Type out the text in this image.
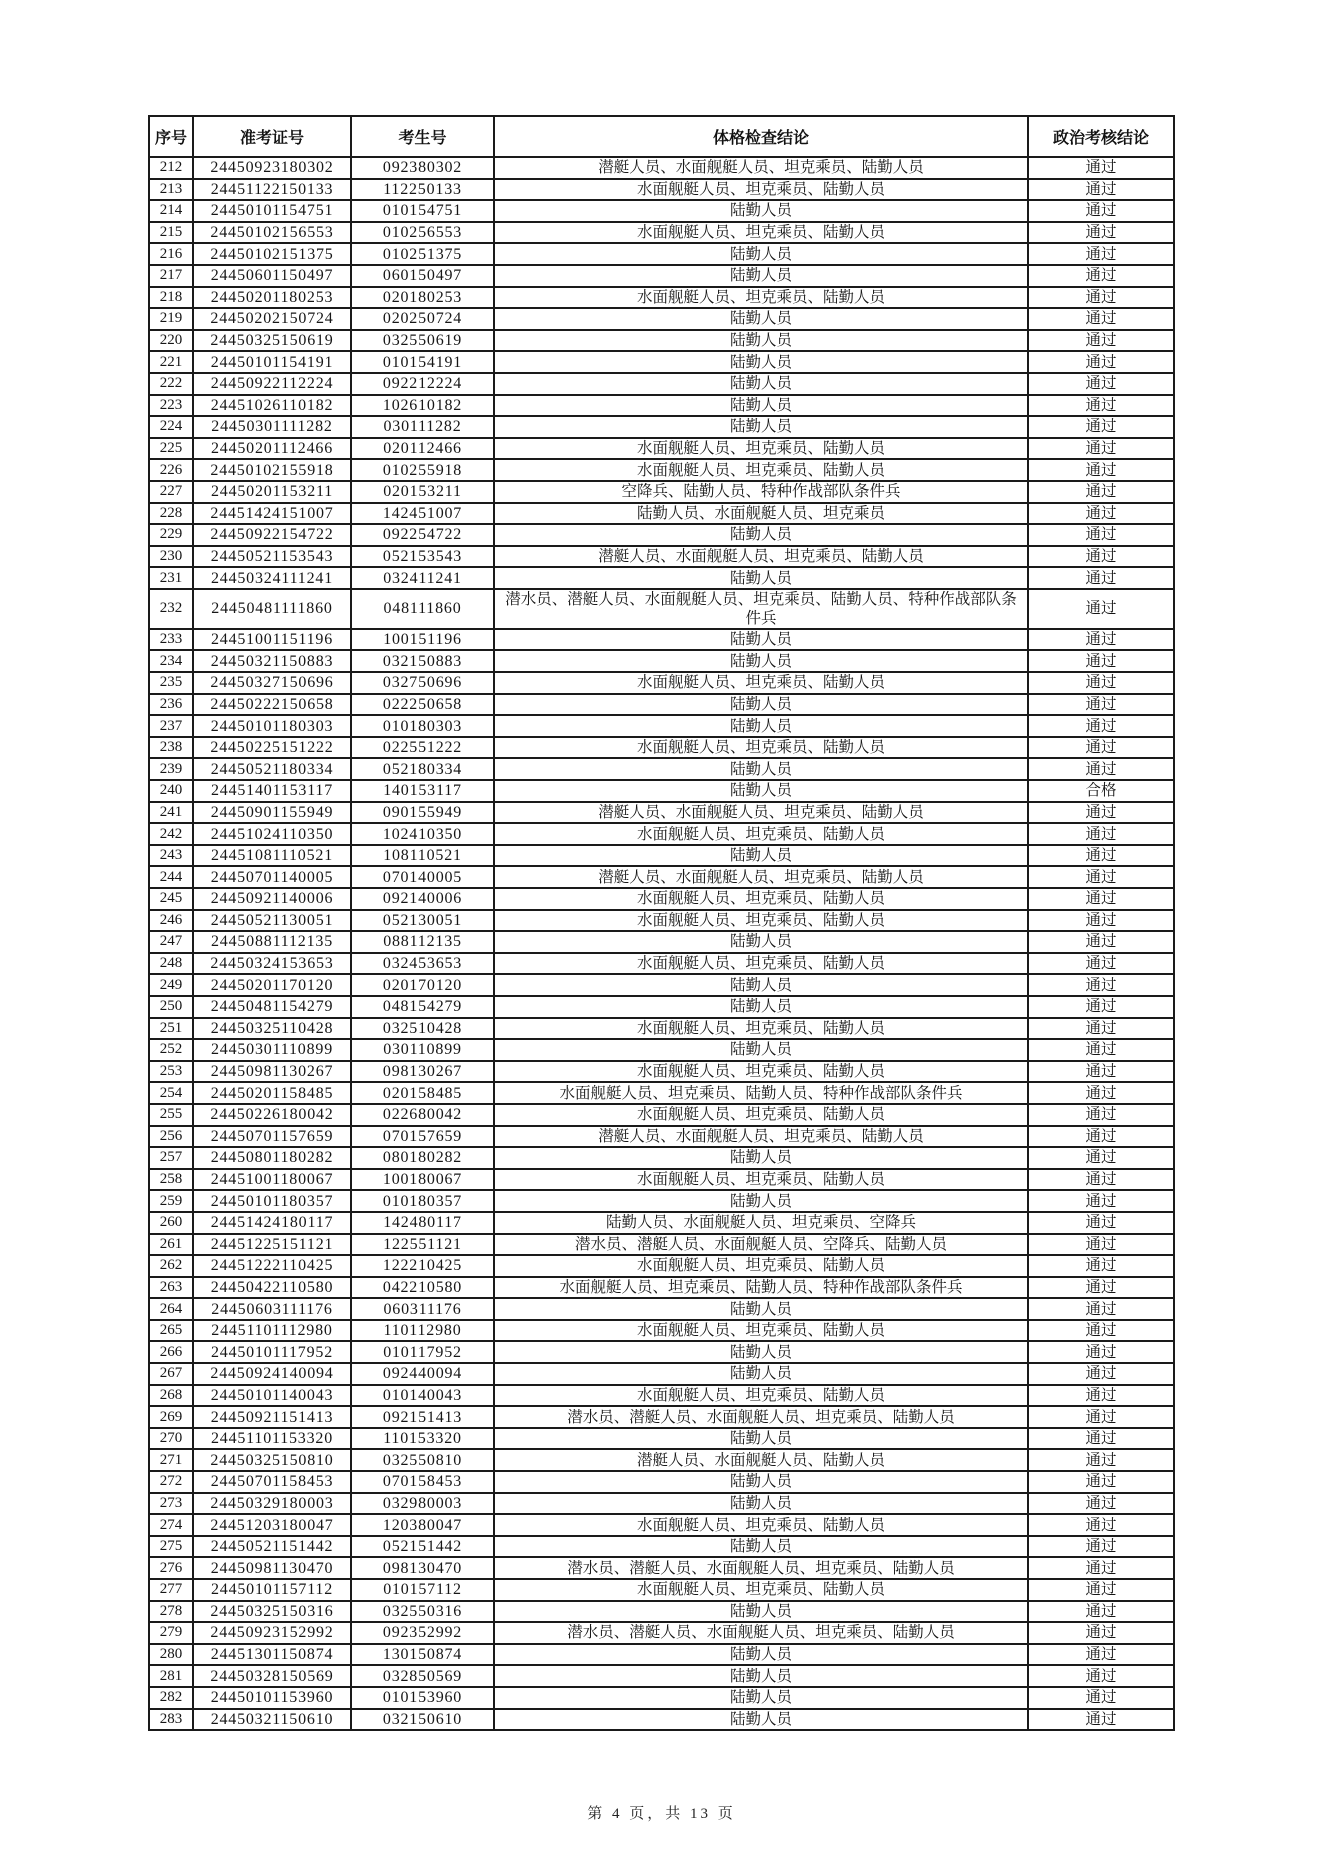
序号	准考证号	考生号	体格检查结论	政治考核结论
212	24450923180302	092380302	潜艇人员、水面舰艇人员、坦克乘员、陆勤人员	通过
213	24451122150133	112250133	水面舰艇人员、坦克乘员、陆勤人员	通过
214	24450101154751	010154751	陆勤人员	通过
215	24450102156553	010256553	水面舰艇人员、坦克乘员、陆勤人员	通过
216	24450102151375	010251375	陆勤人员	通过
217	24450601150497	060150497	陆勤人员	通过
218	24450201180253	020180253	水面舰艇人员、坦克乘员、陆勤人员	通过
219	24450202150724	020250724	陆勤人员	通过
220	24450325150619	032550619	陆勤人员	通过
221	24450101154191	010154191	陆勤人员	通过
222	24450922112224	092212224	陆勤人员	通过
223	24451026110182	102610182	陆勤人员	通过
224	24450301111282	030111282	陆勤人员	通过
225	24450201112466	020112466	水面舰艇人员、坦克乘员、陆勤人员	通过
226	24450102155918	010255918	水面舰艇人员、坦克乘员、陆勤人员	通过
227	24450201153211	020153211	空降兵、陆勤人员、特种作战部队条件兵	通过
228	24451424151007	142451007	陆勤人员、水面舰艇人员、坦克乘员	通过
229	24450922154722	092254722	陆勤人员	通过
230	24450521153543	052153543	潜艇人员、水面舰艇人员、坦克乘员、陆勤人员	通过
231	24450324111241	032411241	陆勤人员	通过
232	24450481111860	048111860	潜水员、潜艇人员、水面舰艇人员、坦克乘员、陆勤人员、特种作战部队条件兵	通过
233	24451001151196	100151196	陆勤人员	通过
234	24450321150883	032150883	陆勤人员	通过
235	24450327150696	032750696	水面舰艇人员、坦克乘员、陆勤人员	通过
236	24450222150658	022250658	陆勤人员	通过
237	24450101180303	010180303	陆勤人员	通过
238	24450225151222	022551222	水面舰艇人员、坦克乘员、陆勤人员	通过
239	24450521180334	052180334	陆勤人员	通过
240	24451401153117	140153117	陆勤人员	合格
241	24450901155949	090155949	潜艇人员、水面舰艇人员、坦克乘员、陆勤人员	通过
242	24451024110350	102410350	水面舰艇人员、坦克乘员、陆勤人员	通过
243	24451081110521	108110521	陆勤人员	通过
244	24450701140005	070140005	潜艇人员、水面舰艇人员、坦克乘员、陆勤人员	通过
245	24450921140006	092140006	水面舰艇人员、坦克乘员、陆勤人员	通过
246	24450521130051	052130051	水面舰艇人员、坦克乘员、陆勤人员	通过
247	24450881112135	088112135	陆勤人员	通过
248	24450324153653	032453653	水面舰艇人员、坦克乘员、陆勤人员	通过
249	24450201170120	020170120	陆勤人员	通过
250	24450481154279	048154279	陆勤人员	通过
251	24450325110428	032510428	水面舰艇人员、坦克乘员、陆勤人员	通过
252	24450301110899	030110899	陆勤人员	通过
253	24450981130267	098130267	水面舰艇人员、坦克乘员、陆勤人员	通过
254	24450201158485	020158485	水面舰艇人员、坦克乘员、陆勤人员、特种作战部队条件兵	通过
255	24450226180042	022680042	水面舰艇人员、坦克乘员、陆勤人员	通过
256	24450701157659	070157659	潜艇人员、水面舰艇人员、坦克乘员、陆勤人员	通过
257	24450801180282	080180282	陆勤人员	通过
258	24451001180067	100180067	水面舰艇人员、坦克乘员、陆勤人员	通过
259	24450101180357	010180357	陆勤人员	通过
260	24451424180117	142480117	陆勤人员、水面舰艇人员、坦克乘员、空降兵	通过
261	24451225151121	122551121	潜水员、潜艇人员、水面舰艇人员、空降兵、陆勤人员	通过
262	24451222110425	122210425	水面舰艇人员、坦克乘员、陆勤人员	通过
263	24450422110580	042210580	水面舰艇人员、坦克乘员、陆勤人员、特种作战部队条件兵	通过
264	24450603111176	060311176	陆勤人员	通过
265	24451101112980	110112980	水面舰艇人员、坦克乘员、陆勤人员	通过
266	24450101117952	010117952	陆勤人员	通过
267	24450924140094	092440094	陆勤人员	通过
268	24450101140043	010140043	水面舰艇人员、坦克乘员、陆勤人员	通过
269	24450921151413	092151413	潜水员、潜艇人员、水面舰艇人员、坦克乘员、陆勤人员	通过
270	24451101153320	110153320	陆勤人员	通过
271	24450325150810	032550810	潜艇人员、水面舰艇人员、陆勤人员	通过
272	24450701158453	070158453	陆勤人员	通过
273	24450329180003	032980003	陆勤人员	通过
274	24451203180047	120380047	水面舰艇人员、坦克乘员、陆勤人员	通过
275	24450521151442	052151442	陆勤人员	通过
276	24450981130470	098130470	潜水员、潜艇人员、水面舰艇人员、坦克乘员、陆勤人员	通过
277	24450101157112	010157112	水面舰艇人员、坦克乘员、陆勤人员	通过
278	24450325150316	032550316	陆勤人员	通过
279	24450923152992	092352992	潜水员、潜艇人员、水面舰艇人员、坦克乘员、陆勤人员	通过
280	24451301150874	130150874	陆勤人员	通过
281	24450328150569	032850569	陆勤人员	通过
282	24450101153960	010153960	陆勤人员	通过
283	24450321150610	032150610	陆勤人员	通过
第 4 页，共 13 页
